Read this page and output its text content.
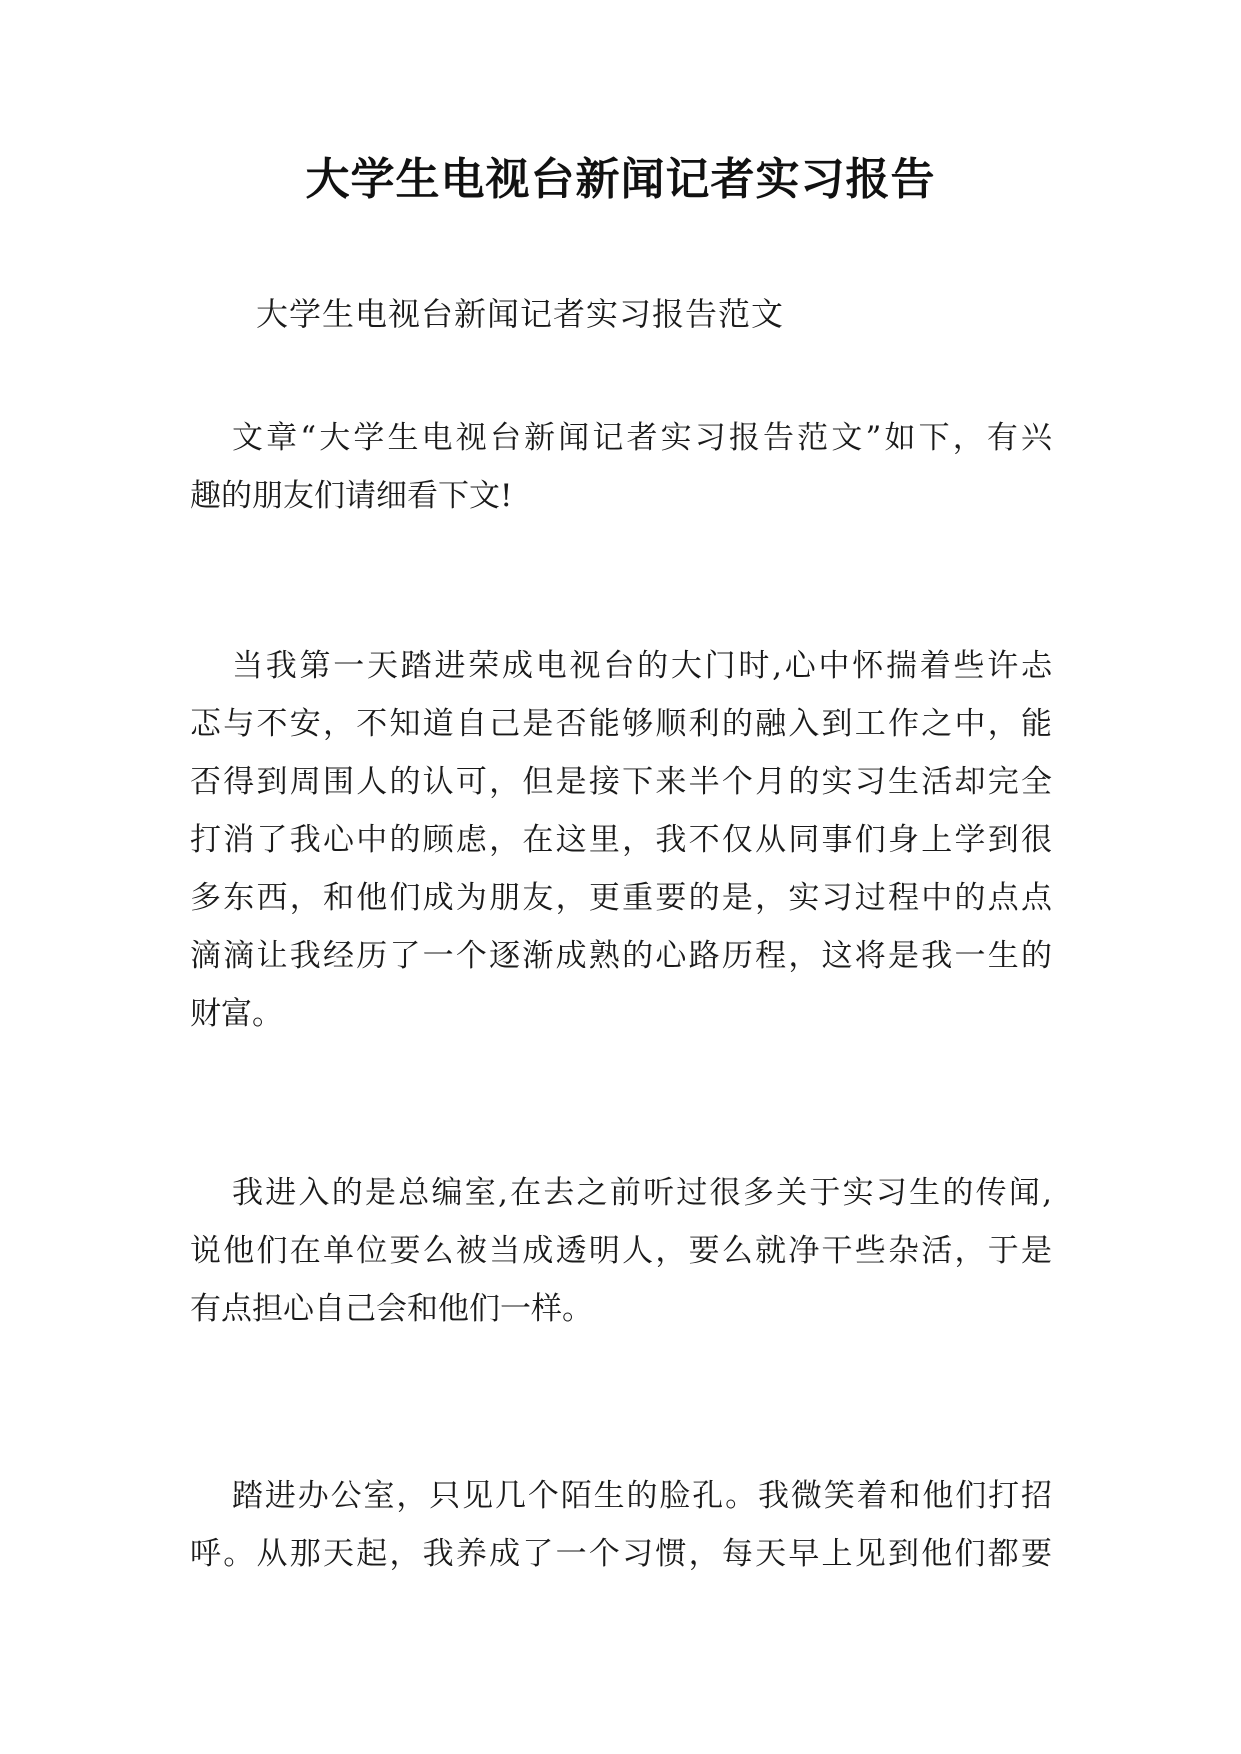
大学生电视台新闻记者实习报告

大学生电视台新闻记者实习报告范文

文章“大学生电视台新闻记者实习报告范文”如下，有兴
趣的朋友们请细看下文!
当我第一天踏进荣成电视台的大门时,心中怀揣着些许忐
忑与不安，不知道自己是否能够顺利的融入到工作之中，能
否得到周围人的认可，但是接下来半个月的实习生活却完全
打消了我心中的顾虑，在这里，我不仅从同事们身上学到很
多东西，和他们成为朋友，更重要的是，实习过程中的点点
滴滴让我经历了一个逐渐成熟的心路历程，这将是我一生的
财富。
我进入的是总编室,在去之前听过很多关于实习生的传闻,
说他们在单位要么被当成透明人，要么就净干些杂活，于是
有点担心自己会和他们一样。
踏进办公室，只见几个陌生的脸孔。我微笑着和他们打招
呼。从那天起，我养成了一个习惯，每天早上见到他们都要
